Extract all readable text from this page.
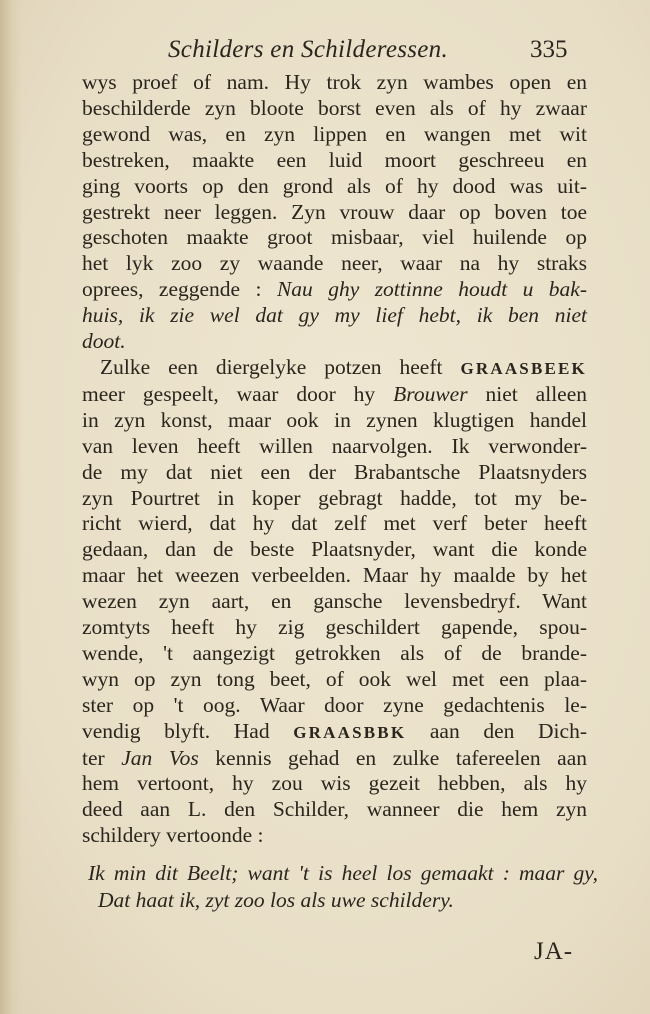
Schilders en Schilderessen.	335
wys proef of nam. Hy trok zyn wambes open en
beschilderde zyn bloote borst even als of hy zwaar
gewond was, en zyn lippen en wangen met wit
bestreken, maakte een luid moort geschreeu en
ging voorts op den grond als of hy dood was uit-
gestrekt neer leggen. Zyn vrouw daar op boven toe
geschoten maakte groot misbaar, viel huilende op
het lyk zoo zy waande neer, waar na hy straks
oprees, zeggende : Nau ghy zottinne houdt u bak-
huis, ik zie wel dat gy my lief hebt, ik ben niet
doot.
Zulke een diergelyke potzen heeft GRAASBEEK
meer gespeelt, waar door hy Brouwer niet alleen
in zyn konst, maar ook in zynen klugtigen handel
van leven heeft willen naarvolgen. Ik verwonder-
de my dat niet een der Brabantsche Plaatsnyders
zyn Pourtret in koper gebragt hadde, tot my be-
richt wierd, dat hy dat zelf met verf beter heeft
gedaan, dan de beste Plaatsnyder, want die konde
maar het weezen verbeelden. Maar hy maalde by het
wezen zyn aart, en gansche levensbedryf. Want
zomtyts heeft hy zig geschildert gapende, spou-
wende, 't aangezigt getrokken als of de brande-
wyn op zyn tong beet, of ook wel met een plaa-
ster op 't oog. Waar door zyne gedachtenis le-
vendig blyft. Had GRAASBBK aan den Dich-
ter Jan Vos kennis gehad en zulke tafereelen aan
hem vertoont, hy zou wis gezeit hebben, als hy
deed aan L. den Schilder, wanneer die hem zyn
schildery vertoonde :
Ik min dit Beelt; want 't is heel los gemaakt : maar gy,
Dat haat ik, zyt zoo los als uwe schildery.
JA-
